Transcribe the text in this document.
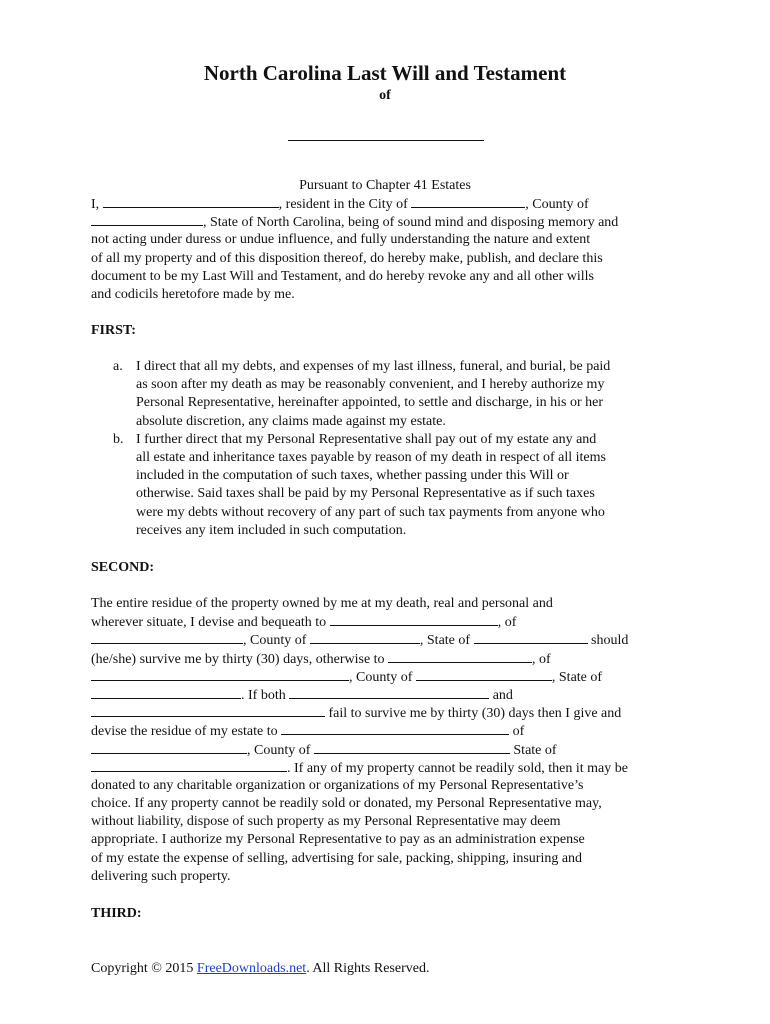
North Carolina Last Will and Testament
of
Pursuant to Chapter 41 Estates
I,	, resident in the City of	, County of
, State of North Carolina, being of sound mind and disposing memory and
not acting under duress or undue influence, and fully understanding the nature and extent
of all my property and of this disposition thereof, do hereby make, publish, and declare this
document to be my Last Will and Testament, and do hereby revoke any and all other wills
and codicils heretofore made by me.
FIRST:
a. I direct that all my debts, and expenses of my last illness, funeral, and burial, be paid
as soon after my death as may be reasonably convenient, and I hereby authorize my
Personal Representative, hereinafter appointed, to settle and discharge, in his or her
absolute discretion, any claims made against my estate.
b. I further direct that my Personal Representative shall pay out of my estate any and
all estate and inheritance taxes payable by reason of my death in respect of all items
included in the computation of such taxes, whether passing under this Will or
otherwise. Said taxes shall be paid by my Personal Representative as if such taxes
were my debts without recovery of any part of such tax payments from anyone who
receives any item included in such computation.
SECOND:
The entire residue of the property owned by me at my death, real and personal and
wherever situate, I devise and bequeath to	, of
, County of	, State of	should
(he/she) survive me by thirty (30) days, otherwise to	, of
, County of	, State of
. If both	and
fail to survive me by thirty (30) days then I give and
devise the residue of my estate to	of
, County of	State of
. If any of my property cannot be readily sold, then it may be
donated to any charitable organization or organizations of my Personal Representative’s
choice. If any property cannot be readily sold or donated, my Personal Representative may,
without liability, dispose of such property as my Personal Representative may deem
appropriate. I authorize my Personal Representative to pay as an administration expense
of my estate the expense of selling, advertising for sale, packing, shipping, insuring and
delivering such property.
THIRD:
Copyright © 2015 FreeDownloads.net. All Rights Reserved.
